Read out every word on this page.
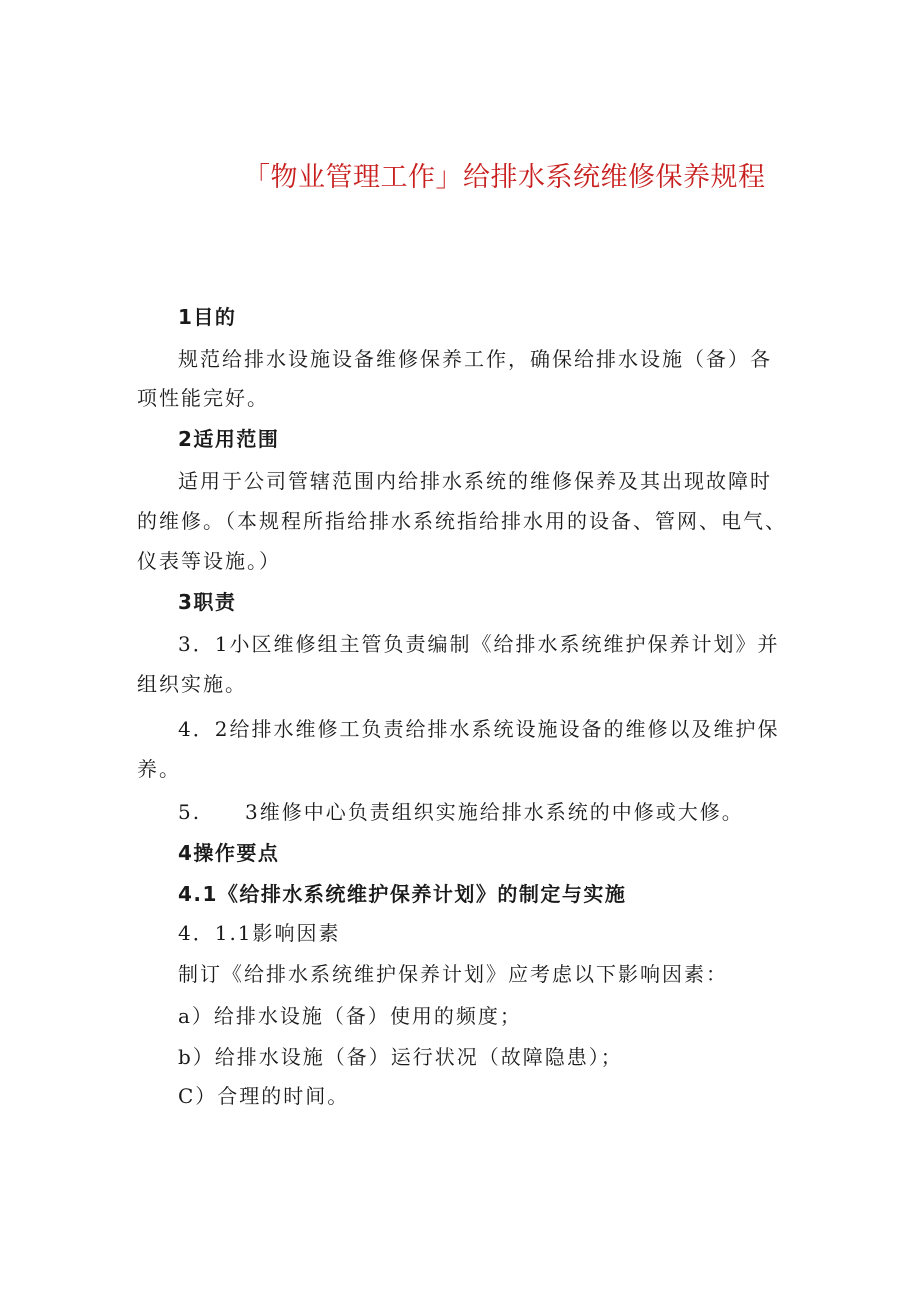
「物业管理工作」给排水系统维修保养规程
1目的
规范给排水设施设备维修保养工作，确保给排水设施（备）各
项性能完好。
2适用范围
适用于公司管辖范围内给排水系统的维修保养及其出现故障时
的维修。（本规程所指给排水系统指给排水用的设备、管网、电气、
仪表等设施。）
3职责
3．1小区维修组主管负责编制《给排水系统维护保养计划》并
组织实施。
4．2给排水维修工负责给排水系统设施设备的维修以及维护保
养。
5. 3维修中心负责组织实施给排水系统的中修或大修。
4操作要点
4.1《给排水系统维护保养计划》的制定与实施
4．1.1影响因素
制订《给排水系统维护保养计划》应考虑以下影响因素：
a）给排水设施（备）使用的频度；
b）给排水设施（备）运行状况（故障隐患）；
C）合理的时间。
